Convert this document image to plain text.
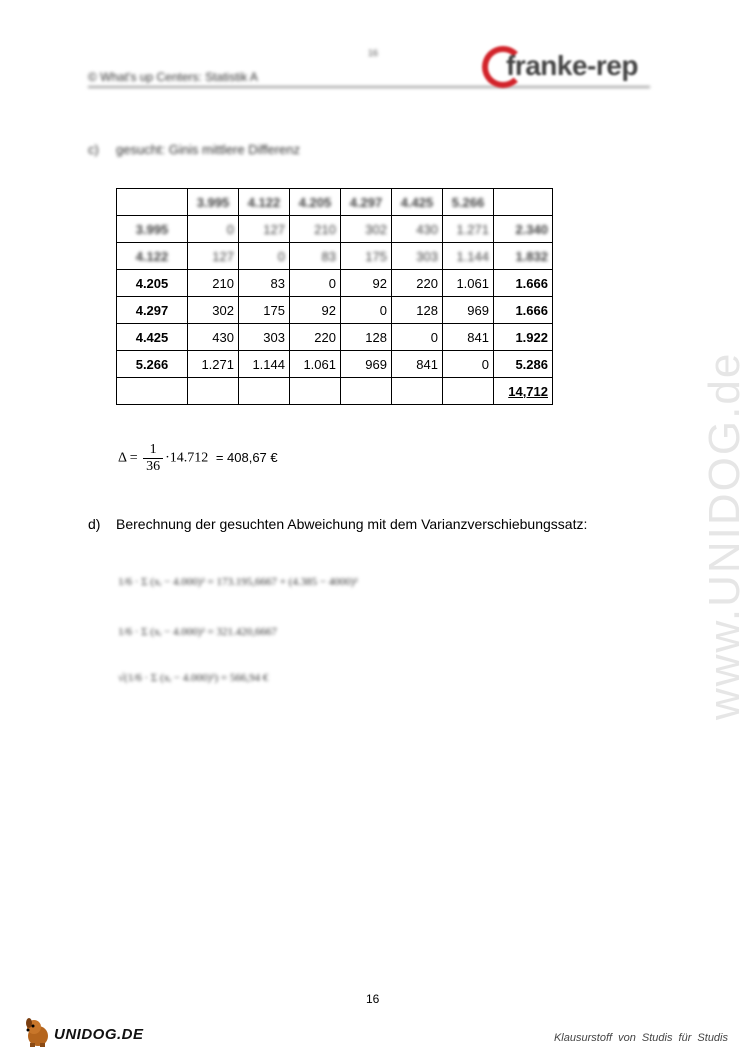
16
© What's up Centers: Statistik A	franke-rep
c) gesucht: Ginis mittlere Differenz
	3.995	4.122	4.205	4.297	4.425	5.266	
3.995	0	127	210	302	430	1.271	2.340
4.122	127	0	83	175	303	1.144	1.832
4.205	210	83	0	92	220	1.061	1.666
4.297	302	175	92	0	128	969	1.666
4.425	430	303	220	128	0	841	1.922
5.266	1.271	1.144	1.061	969	841	0	5.286
							14,712
$\Delta = \frac{1}{36} \cdot 14.712 = 408,67$ €
d) Berechnung der gesuchten Abweichung mit dem Varianzverschiebungssatz:
1/6 · Σ (xᵢ − 4.000)² = 173.195,6667 + (4.385 − 4000)²
1/6 · Σ (xᵢ − 4.000)² = 321.420,6667
√(1/6 · Σ (xᵢ − 4.000)²) = 566,94 €	www.UNIDOG.de
16
UNIDOG.DE	Klausurstoff von Studis für Studis
